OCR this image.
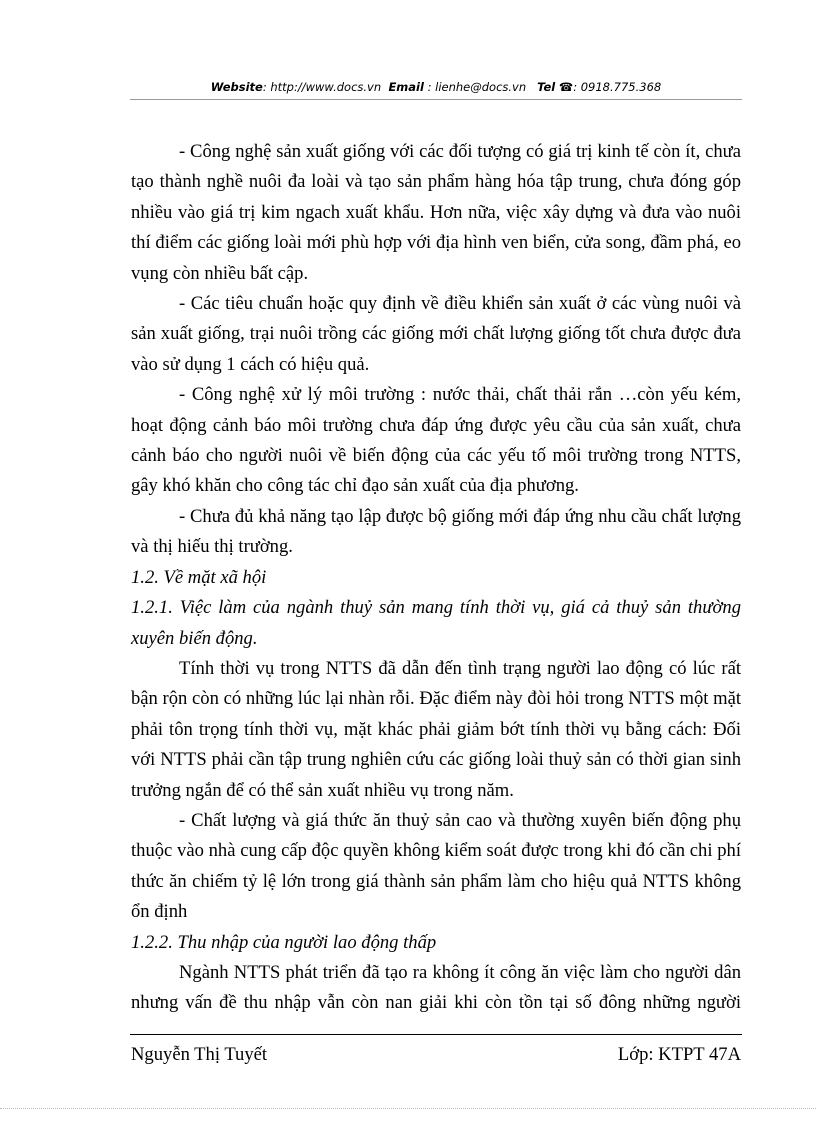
Website: http://www.docs.vn Email : lienhe@docs.vn Tel ☎: 0918.775.368

- Công nghệ sản xuất giống với các đối tượng có giá trị kinh tế còn ít, chưa tạo thành nghề nuôi đa loài và tạo sản phẩm hàng hóa tập trung, chưa đóng góp nhiều vào giá trị kim ngach xuất khẩu. Hơn nữa, việc xây dựng và đưa vào nuôi thí điểm các giống loài mới phù hợp với địa hình ven biển, cửa song, đầm phá, eo vụng còn nhiều bất cập.

- Các tiêu chuẩn hoặc quy định về điều khiển sản xuất ở các vùng nuôi và sản xuất giống, trại nuôi trồng các giống mới chất lượng giống tốt chưa được đưa vào sử dụng 1 cách có hiệu quả.

- Công nghệ xử lý môi trường : nước thải, chất thải rắn …còn yếu kém, hoạt động cảnh báo môi trường chưa đáp ứng được yêu cầu của sản xuất, chưa cảnh báo cho người nuôi về biến động của các yếu tố môi trường trong NTTS, gây khó khăn cho công tác chỉ đạo sản xuất của địa phương.

- Chưa đủ khả năng tạo lập được bộ giống mới đáp ứng nhu cầu chất lượng và thị hiếu thị trường.

1.2. Về mặt xã hội

1.2.1. Việc làm của ngành thuỷ sản mang tính thời vụ, giá cả thuỷ sản thường xuyên biến động.

Tính thời vụ trong NTTS đã dẫn đến tình trạng người lao động có lúc rất bận rộn còn có những lúc lại nhàn rỗi. Đặc điểm này đòi hỏi trong NTTS một mặt phải tôn trọng tính thời vụ, mặt khác phải giảm bớt tính thời vụ bằng cách: Đối với NTTS phải cần tập trung nghiên cứu các giống loài thuỷ sản có thời gian sinh trưởng ngắn để có thể sản xuất nhiều vụ trong năm.

- Chất lượng và giá thức ăn thuỷ sản cao và thường xuyên biến động phụ thuộc vào nhà cung cấp độc quyền không kiểm soát được trong khi đó cần chi phí thức ăn chiếm tỷ lệ lớn trong giá thành sản phẩm làm cho hiệu quả NTTS không ổn định

1.2.2. Thu nhập của người lao động thấp

Ngành NTTS phát triển đã tạo ra không ít công ăn việc làm cho người dân nhưng vấn đề thu nhập vẫn còn nan giải khi còn tồn tại số đông những người

Nguyễn Thị Tuyết	Lớp: KTPT 47A
